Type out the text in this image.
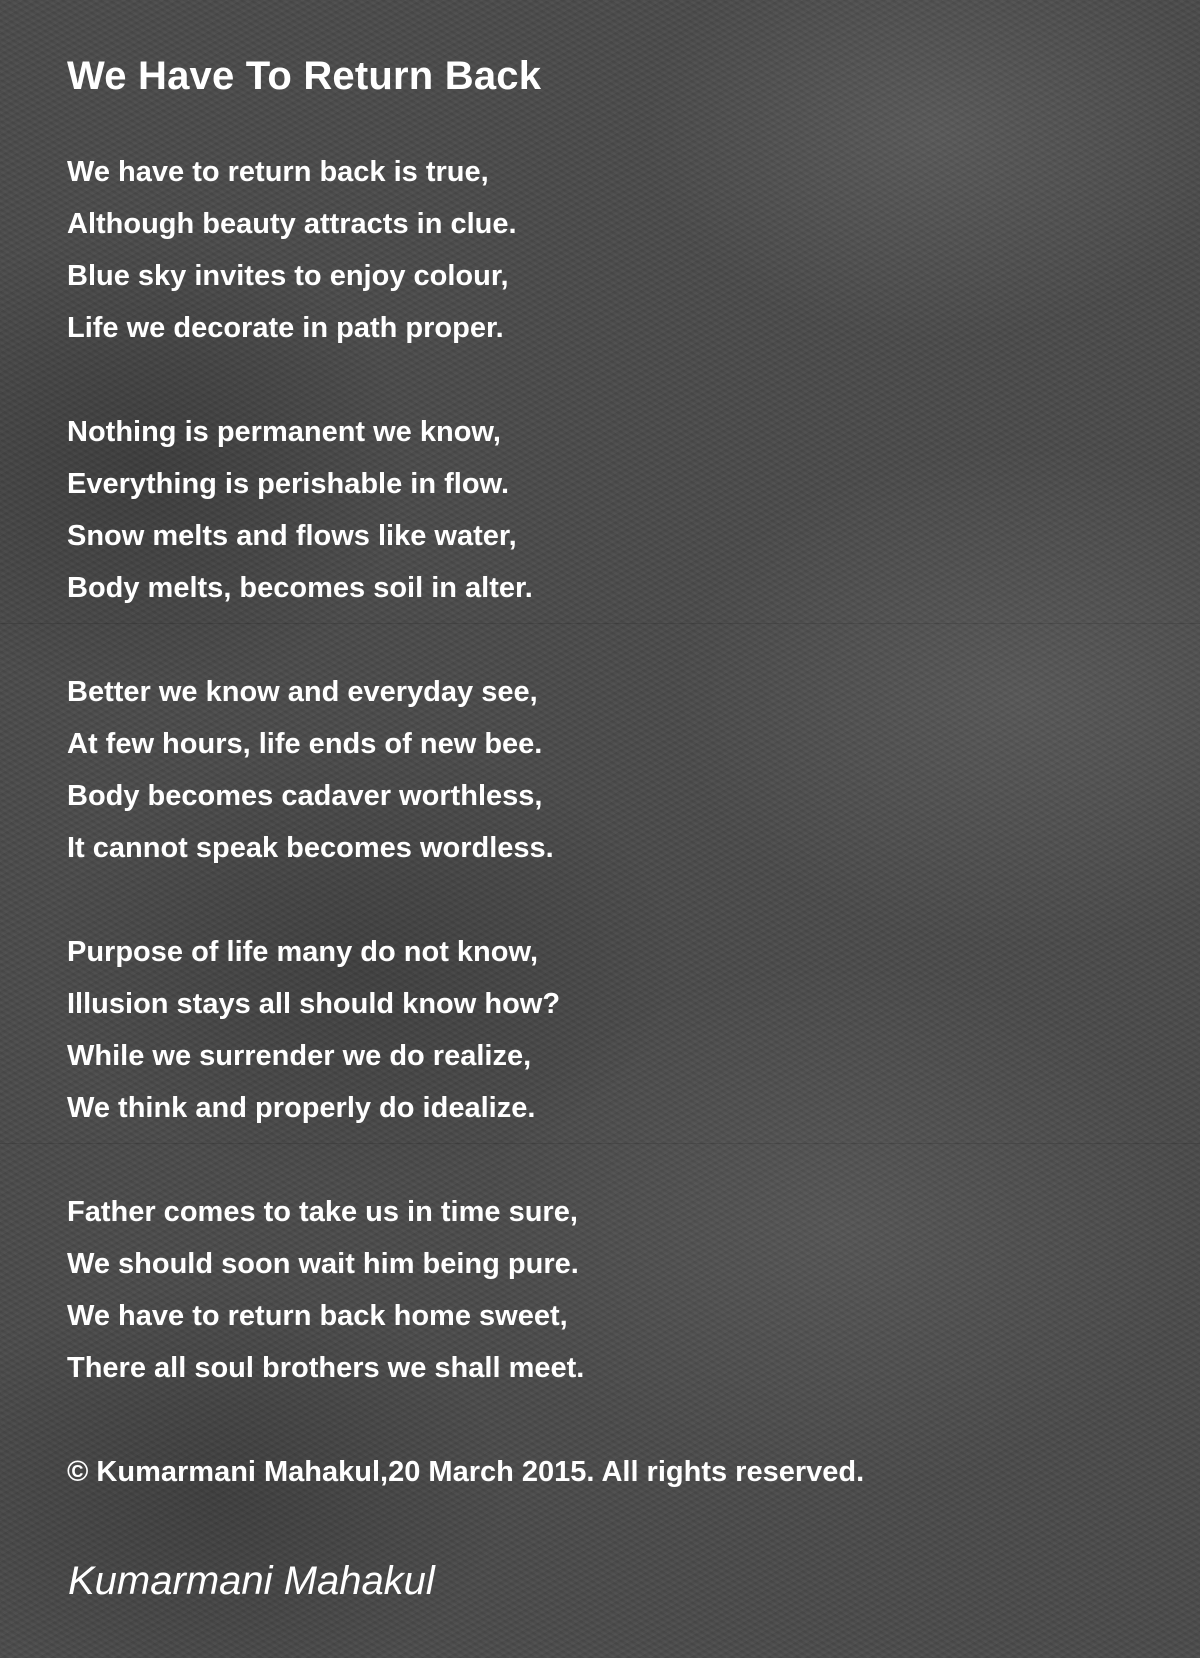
We Have To Return Back
We have to return back is true,
Although beauty attracts in clue.
Blue sky invites to enjoy colour,
Life we decorate in path proper.
Nothing is permanent we know,
Everything is perishable in flow.
Snow melts and flows like water,
Body melts, becomes soil in alter.
Better we know and everyday see,
At few hours, life ends of new bee.
Body becomes cadaver worthless,
It cannot speak becomes wordless.
Purpose of life many do not know,
Illusion stays all should know how?
While we surrender we do realize,
We think and properly do idealize.
Father comes to take us in time sure,
We should soon wait him being pure.
We have to return back home sweet,
There all soul brothers we shall meet.
© Kumarmani Mahakul,20 March 2015. All rights reserved.
Kumarmani Mahakul
